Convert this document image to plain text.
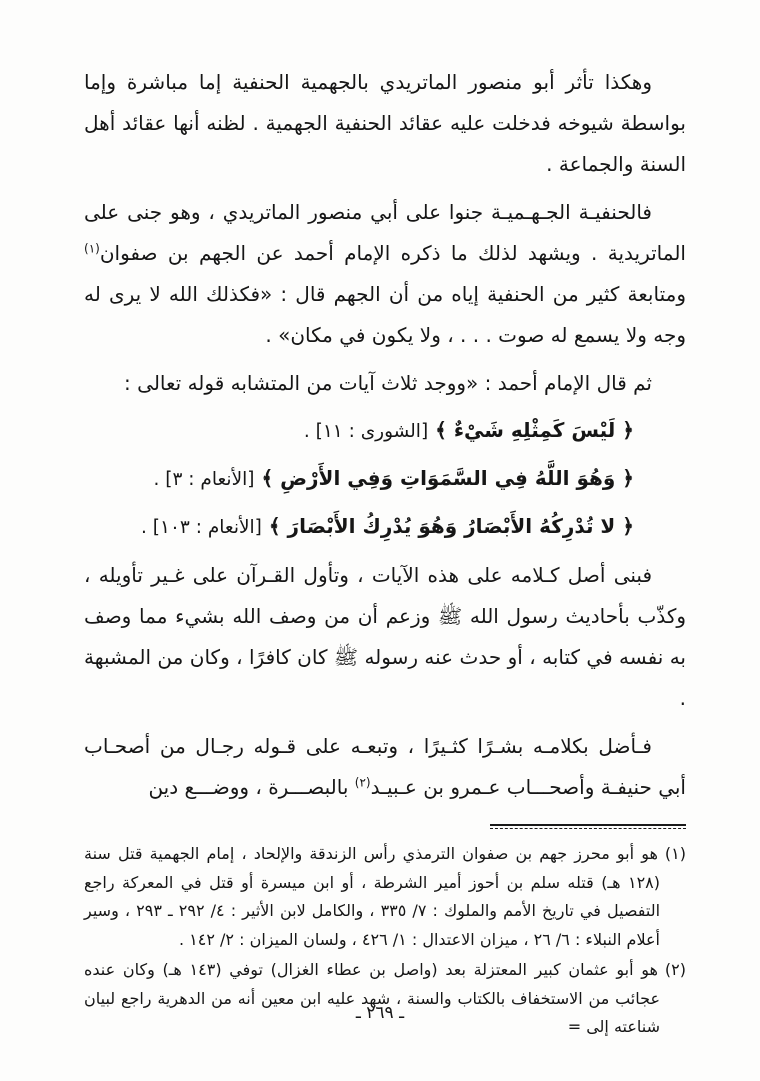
وهكذا تأثر أبو منصور الماتريدي بالجهمية الحنفية إما مباشرة وإما بواسطة شيوخه فدخلت عليه عقائد الحنفية الجهمية . لظنه أنها عقائد أهل السنة والجماعة .

فالحنفيـة الجـهـميـة جنوا على أبي منصور الماتريدي ، وهو جنى على الماتريدية . ويشهد لذلك ما ذكره الإمام أحمد عن الجهم بن صفوان$^{(١)}$ ومتابعة كثير من الحنفية إياه من أن الجهم قال : «فكذلك الله لا يرى له وجه ولا يسمع له صوت . . . ، ولا يكون في مكان» .

ثم قال الإمام أحمد : «ووجد ثلاث آيات من المتشابه قوله تعالى :

﴿ لَيْسَ كَمِثْلِهِ شَيْءٌ ﴾ [الشورى : ١١] .

﴿ وَهُوَ اللَّهُ فِي السَّمَوَاتِ وَفِي الأَرْضِ ﴾ [الأنعام : ٣] .

﴿ لا تُدْرِكُهُ الأَبْصَارُ وَهُوَ يُدْرِكُ الأَبْصَارَ ﴾ [الأنعام : ١٠٣] .

فبنى أصل كـلامه على هذه الآيات ، وتأول القـرآن على غـير تأويله ، وكذّب بأحاديث رسول الله ﷺ وزعم أن من وصف الله بشيء مما وصف به نفسه في كتابه ، أو حدث عنه رسوله ﷺ كان كافرًا ، وكان من المشبهة .

فـأضل بكلامـه بشـرًا كثـيرًا ، وتبعـه على قـوله رجـال من أصحـاب أبي حنيفـة وأصحـــاب عـمرو بن عـبيـد$^{(٢)}$ بالبصـــرة ، ووضـــع دين

(١)هو أبو محرز جهم بن صفوان الترمذي رأس الزندقة والإلحاد ، إمام الجهمية قتل سنة (١٢٨ هـ) قتله سلم بن أحوز أمير الشرطة ، أو ابن ميسرة أو قتل في المعركة راجع التفصيل في تاريخ الأمم والملوك : ٧/ ٣٣٥ ، والكامل لابن الأثير : ٤/ ٢٩٢ ـ ٢٩٣ ، وسير أعلام النبلاء : ٦/ ٢٦ ، ميزان الاعتدال : ١/ ٤٢٦ ، ولسان الميزان : ٢/ ١٤٢ .

(٢)هو أبو عثمان كبير المعتزلة بعد (واصل بن عطاء الغزال) توفي (١٤٣ هـ) وكان عنده عجائب من الاستخفاف بالكتاب والسنة ، شهد عليه ابن معين أنه من الدهرية راجع لبيان شناعته إلى =

ـ ٢٦٩ ـ
